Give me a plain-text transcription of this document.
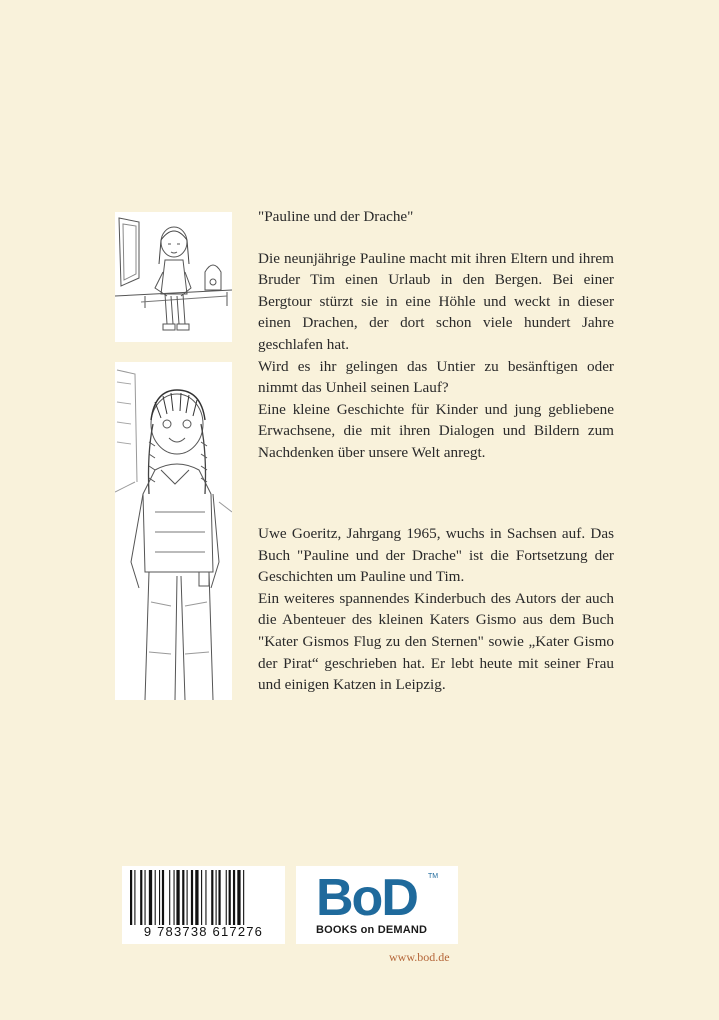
"Pauline und der Drache"

Die neunjährige Pauline macht mit ihren Eltern und ihrem Bruder Tim einen Urlaub in den Bergen. Bei einer Bergtour stürzt sie in eine Höhle und weckt in dieser einen Drachen, der dort schon viele hundert Jahre geschlafen hat.

Wird es ihr gelingen das Untier zu besänftigen oder nimmt das Unheil seinen Lauf?

Eine kleine Geschichte für Kinder und jung gebliebene Erwachsene, die mit ihren Dialogen und Bildern zum Nachdenken über unsere Welt anregt.

Uwe Goeritz, Jahrgang 1965, wuchs in Sachsen auf. Das Buch "Pauline und der Drache" ist die Fortsetzung der Geschichten um Pauline und Tim.

Ein weiteres spannendes Kinderbuch des Autors der auch die Abenteuer des kleinen Katers Gismo aus dem Buch "Kater Gismos Flug zu den Sternen" sowie „Kater Gismo der Pirat“ geschrieben hat. Er lebt heute mit seiner Frau und einigen Katzen in Leipzig.

9 783738 617276
BoD TM
BOOKS on DEMAND
www.bod.de
